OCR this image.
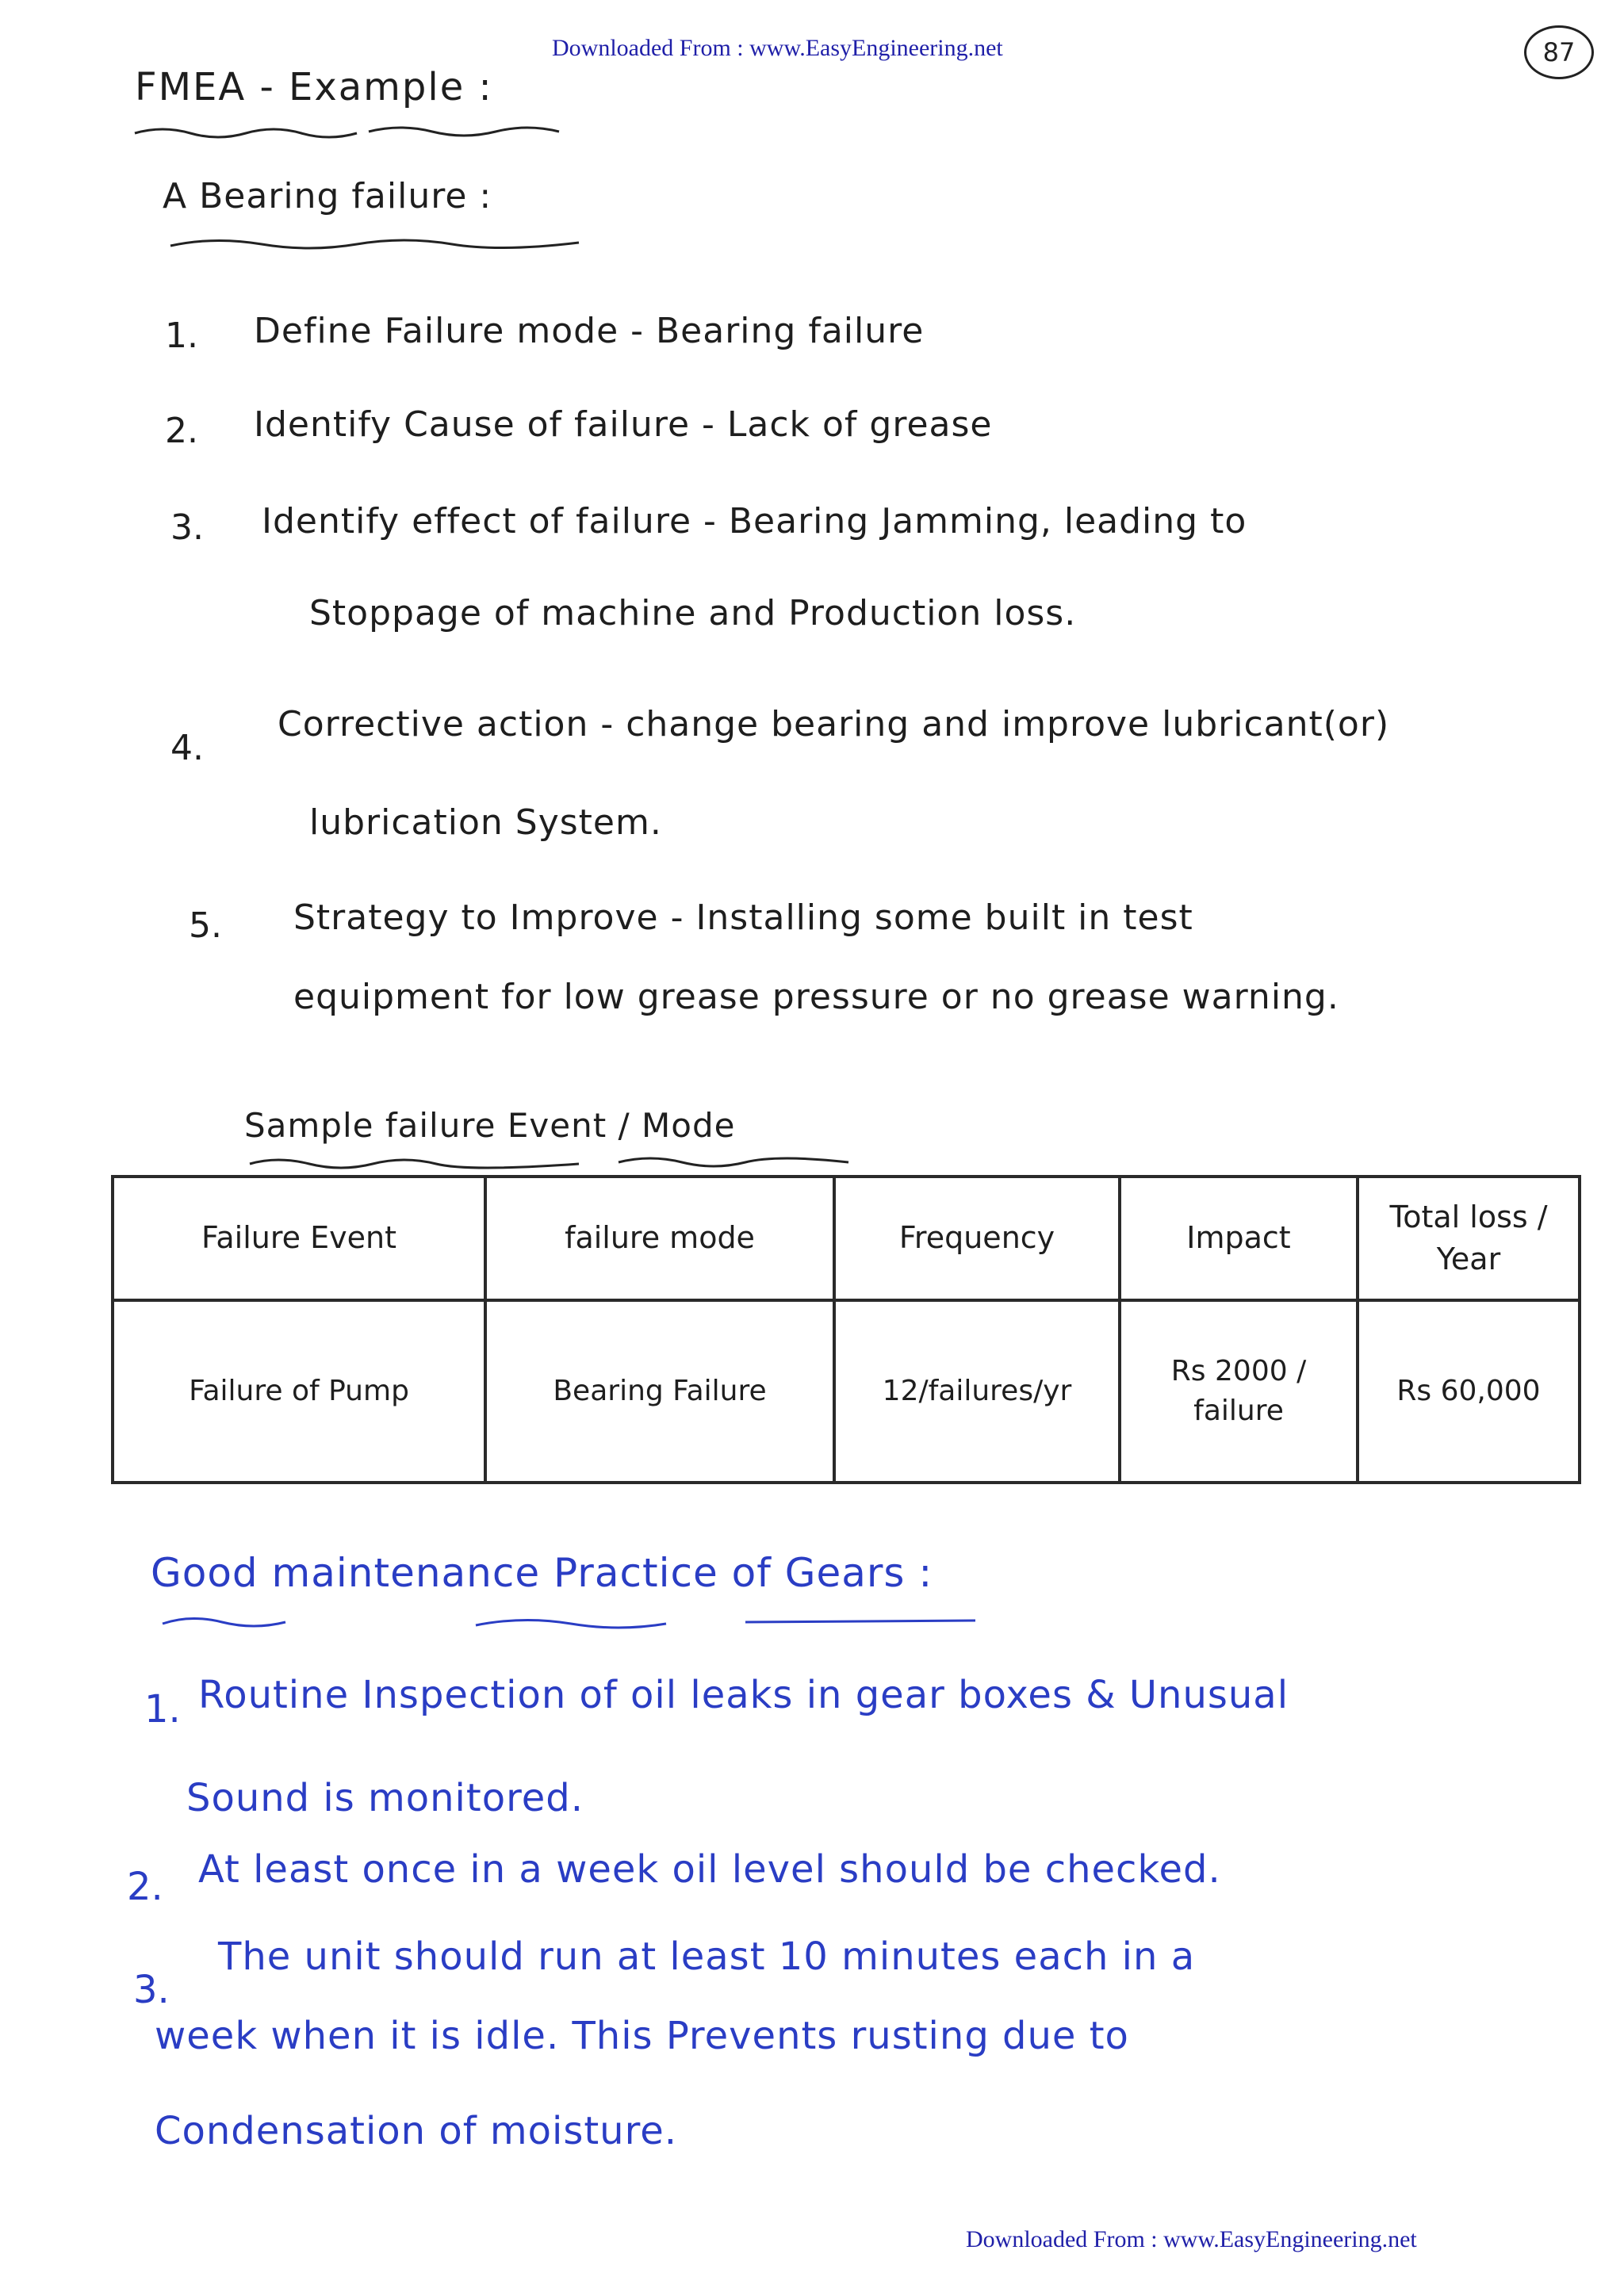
Downloaded From : www.EasyEngineering.net	87
FMEA - Example :
A Bearing failure :
1. Define Failure mode - Bearing failure
2. Identify Cause of failure - Lack of grease
3. Identify effect of failure - Bearing Jamming, leading to
Stoppage of machine and Production loss.
4.
Corrective action - change bearing and improve lubricant(or)
lubrication System.
5. Strategy to Improve - Installing some built in test
equipment for low grease pressure or no grease warning.
Sample failure Event / Mode
Failure Event	failure mode	Frequency	Impact	Total loss / Year
Failure of Pump	Bearing Failure	12/failures/yr	Rs 2000 / failure	Rs 60,000
Good maintenance Practice of Gears :
1. Routine Inspection of oil leaks in gear boxes & Unusual
Sound is monitored.
2. At least once in a week oil level should be checked.
3.
The unit should run at least 10 minutes each in a
week when it is idle. This Prevents rusting due to
Condensation of moisture.
Downloaded From : www.EasyEngineering.net
